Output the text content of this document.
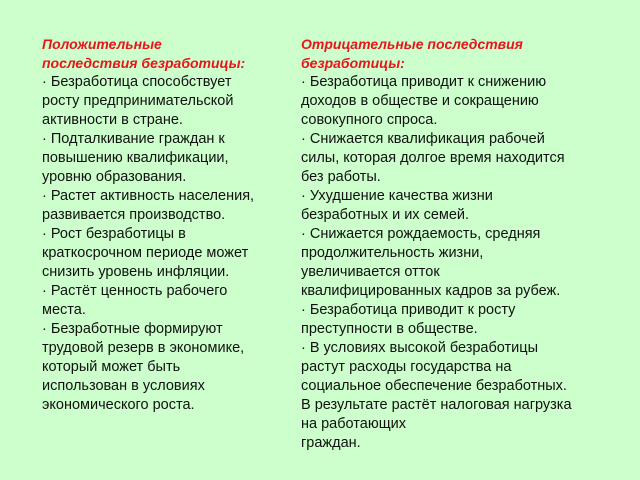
Положительные
последствия безработицы:
· Безработица способствует
росту предпринимательской
активности в стране.
· Подталкивание граждан к
повышению квалификации,
уровню образования.
· Растет активность населения,
развивается производство.
· Рост безработицы в
краткосрочном периоде может
снизить уровень инфляции.
· Растёт ценность рабочего
места.
· Безработные формируют
трудовой резерв в экономике,
который может быть
использован в условиях
экономического роста.
Отрицательные последствия
безработицы:
· Безработица приводит к снижению
доходов в обществе и сокращению
совокупного спроса.
· Снижается квалификация рабочей
силы, которая долгое время находится
без работы.
· Ухудшение качества жизни
безработных и их семей.
· Снижается рождаемость, средняя
продолжительность жизни,
увеличивается отток
квалифицированных кадров за рубеж.
· Безработица приводит к росту
преступности в обществе.
· В условиях высокой безработицы
растут расходы государства на
социальное обеспечение безработных.
В результате растёт налоговая нагрузка
на работающих
граждан.
